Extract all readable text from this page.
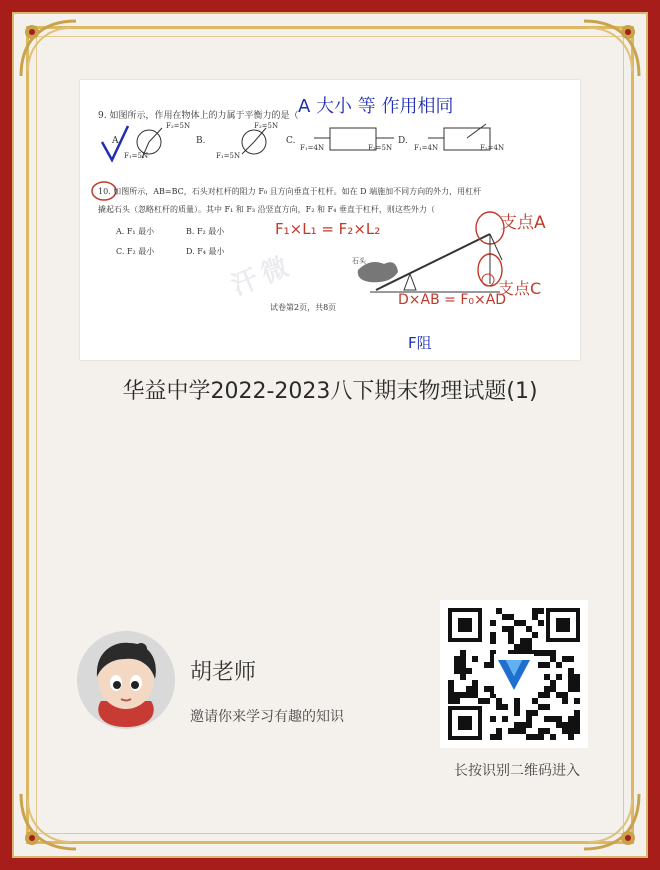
汗微
9. 如图所示，作用在物体上的力属于平衡力的是（ A 大小 等 作用相同
A.	B.	C.	D.
F₂=5N
F₁=5N
F₂=5N
F₁=5N
F₁=4N	F₂=5N	F₁=4N	F₂=4N
10. 如图所示，AB=BC，石头对杠杆的阻力 F₀ 且方向垂直于杠杆。如在 D 端施加不同方向的外力，用杠杆
撬起石头（忽略杠杆的质量）。其中 F₁ 和 F₃ 沿竖直方向，F₂ 和 F₄ 垂直于杠杆，则这些外力（
A. F₁ 最小	B. F₂ 最小
C. F₂ 最小	D. F₄ 最小
F₁×L₁ = F₂×L₂	支点A
D×AB = F₀×AD
支点C
F阻
石头
试卷第2页，共8页
华益中学2022-2023八下期末物理试题(1)
胡老师
邀请你来学习有趣的知识
长按识别二维码进入
